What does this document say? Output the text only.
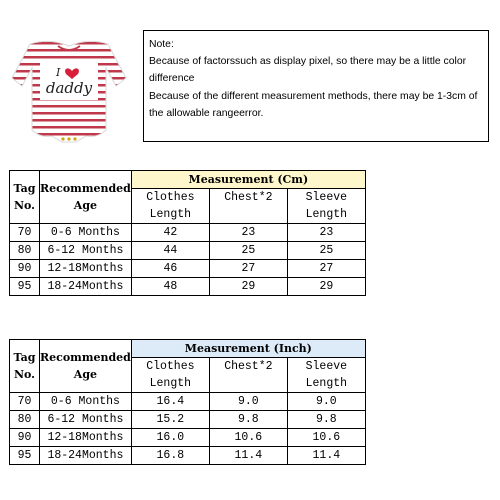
I
daddy
Note:
Because of factorssuch as display pixel, so there may be a little color difference
Because of the different measurement methods, there may be 1-3cm of the allowable rangeerror.
Tag No.	Recommended Age	Measurement (Cm)		
		Clothes Length	Chest*2	Sleeve Length
70	0-6 Months	42	23	23
80	6-12 Months	44	25	25
90	12-18Months	46	27	27
95	18-24Months	48	29	29
Tag No.	Recommended Age	Measurement (Inch)		
		Clothes Length	Chest*2	Sleeve Length
70	0-6 Months	16.4	9.0	9.0
80	6-12 Months	15.2	9.8	9.8
90	12-18Months	16.0	10.6	10.6
95	18-24Months	16.8	11.4	11.4
